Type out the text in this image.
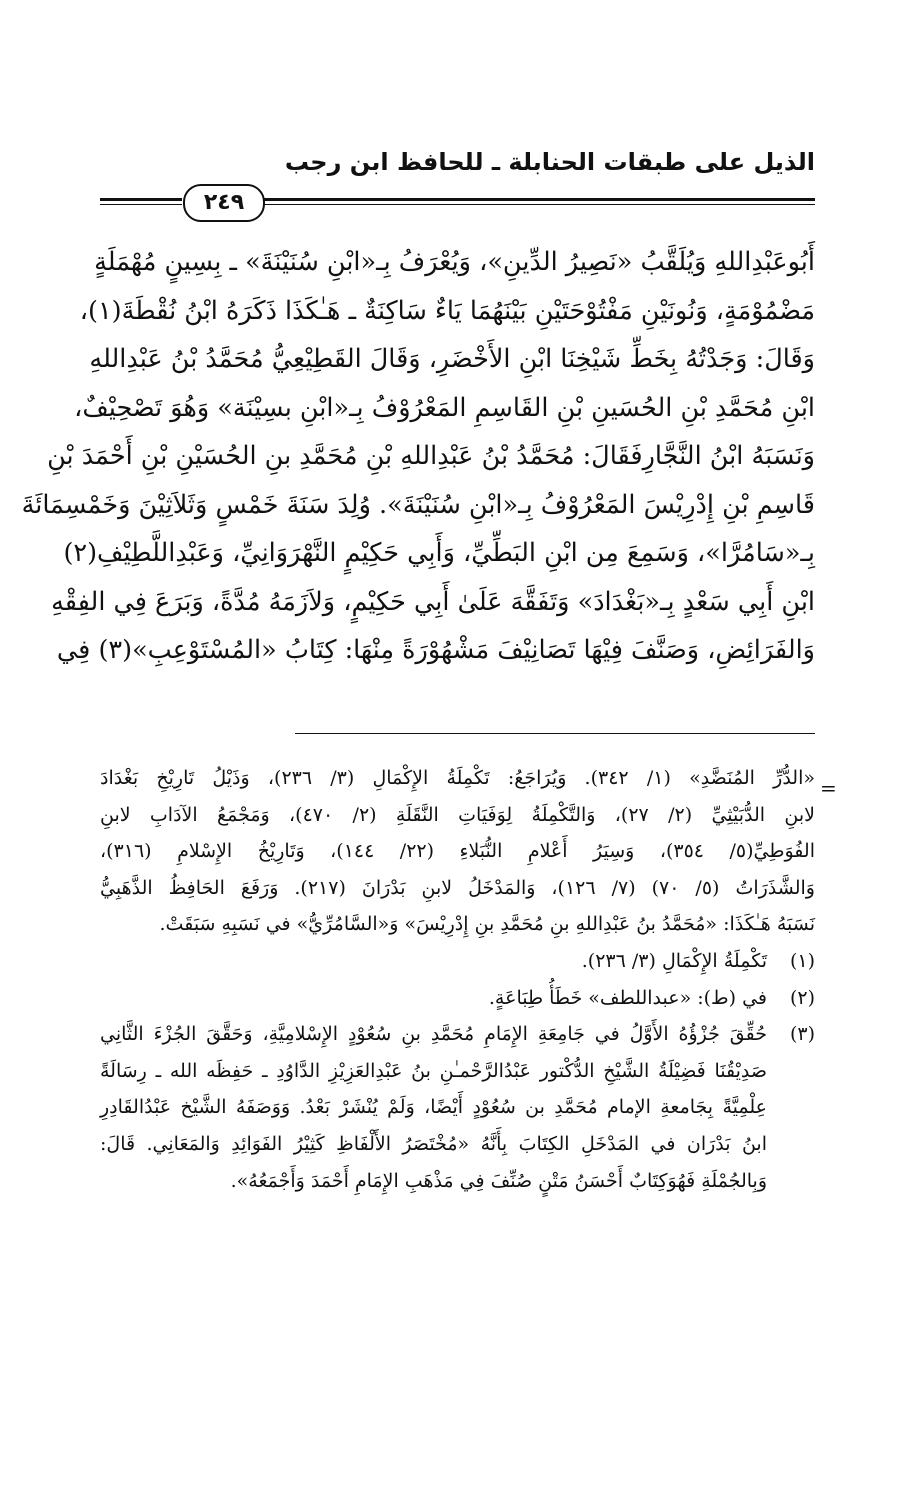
الذيل على طبقات الحنابلة ـ للحافظ ابن رجب
٢٤٩
أَبُوعَبْدِاللهِ وَيُلَقَّبُ «نَصِيرُ الدِّينِ»، وَيُعْرَفُ بِـ«ابْنِ سُنَيْنَةَ» ـ بِسِينٍ مُهْمَلَةٍ
مَضْمُوْمَةٍ، وَنُونَيْنِ مَفْتُوْحَتَيْنِ بَيْنَهُمَا يَاءٌ سَاكِنَةٌ ـ هَـٰكَذَا ذَكَرَهُ ابْنُ نُقْطَةَ(١)،
وَقَالَ: وَجَدْتُهُ بِخَطِّ شَيْخِنَا ابْنِ الأَخْضَرِ، وَقَالَ القَطِيْعِيُّ مُحَمَّدُ بْنُ عَبْدِاللهِ
ابْنِ مُحَمَّدِ بْنِ الحُسَينِ بْنِ القَاسِمِ المَعْرُوْفُ بِـ«ابْنِ بسِيْنَة» وَهُوَ تَصْحِيْفٌ،
وَنَسَبَهُ ابْنُ النَّجَّارِفَقَالَ: مُحَمَّدُ بْنُ عَبْدِاللهِ بْنِ مُحَمَّدِ بنِ الحُسَيْنِ بْنِ أَحْمَدَ بْنِ
قَاسِمِ بْنِ إِدْرِيْسَ المَعْرُوْفُ بِـ«ابْنِ سُنَيْنَةَ». وُلِدَ سَنَةَ خَمْسٍ وَثَلاَثِيْنَ وَخَمْسِمَائَةَ
بِـ«سَامُرَّا»، وَسَمِعَ مِن ابْنِ البَطِّيِّ، وَأَبِي حَكِيْمٍ النَّهْرَوَانِيِّ، وَعَبْدِاللَّطِيْفِ(٢)
ابْنِ أَبِي سَعْدٍ بِـ«بَغْدَادَ» وَتَفَقَّهَ عَلَىٰ أَبِي حَكِيْمٍ، وَلاَزَمَهُ مُدَّةً، وَبَرَعَ فِي الفِقْهِ
وَالفَرَائِضِ، وَصَنَّفَ فِيْهَا تَصَانِيْفَ مَشْهُوْرَةً مِنْهَا: كِتَابُ «المُسْتَوْعِبِ»(٣) فِي
=
«الدُّرِّ المُنَضَّدِ» (١/ ٣٤٢). وَيُرَاجَعُ: تَكْمِلَةُ الإِكْمَالِ (٣/ ٢٣٦)، وَذَيْلُ تَارِيْخِ بَغْدَادَ
لابنِ الدُّبَيْثِيِّ (٢/ ٢٧)، وَالتَّكْمِلَةُ لِوَفَيَاتِ النَّقَلَةِ (٢/ ٤٧٠)، وَمَجْمَعُ الآدَابِ لابنِ
الفُوَطِيِّ(٥/ ٣٥٤)، وَسِيَرُ أَعْلامِ النُّبَلاءِ (٢٢/ ١٤٤)، وَتَارِيْخُ الإِسْلامِ (٣١٦)،
وَالشَّذَرَاتُ (٥/ ٧٠) (٧/ ١٢٦)، وَالمَدْخَلُ لابنِ بَدْرَانَ (٢١٧). وَرَفَعَ الحَافِظُ الذَّهَبِيُّ
نَسَبَهُ هَـٰكَذَا: «مُحَمَّدُ بنُ عَبْدِاللهِ بنِ مُحَمَّدِ بنِ إِدْرِيْسَ» وَ«السَّامُرِّيُّ» في نَسَبِهِ سَبَقَتْ.
(١)
تَكْمِلَةُ الإِكْمَالِ (٣/ ٢٣٦).
(٢)
في (ط): «عبداللطف» خَطَأُ طِبَاعَةٍ.
(٣)
حُقِّقَ جُزْؤُهُ الأَوَّلُ في جَامِعَةِ الإِمَامِ مُحَمَّدِ بنِ سُعُوْدٍ الإِسْلامِيَّةِ، وَحَقَّقَ الجُزْءَ الثَّانِي
صَدِيْقُنَا فَضِيْلَةُ الشَّيْخِ الدُّكْتور عَبْدُالرَّحْمـٰنِ بنُ عَبْدِالعَزِيْزِ الدَّاوُدِ ـ حَفِظَه الله ـ رِسَالَةً
عِلْمِيَّةً بِجَامعةِ الإمام مُحَمَّدِ بن سُعُوْدٍ أَيْضًا، وَلَمْ يُنْشَرْ بَعْدُ. وَوَصَفَهُ الشَّيْخ عَبْدُالقَادِرِ
ابنُ بَدْرَان في المَدْخَلِ الكِتَابَ بِأَنَّهُ «مُخْتَصَرُ الأَلْفَاظِ كَثِيْرُ الفَوَائِدِ وَالمَعَانِي. قَالَ:
وَبِالجُمْلَةِ فَهُوَكِتَابٌ أَحْسَنُ مَتْنٍ صُنِّفَ فِي مَذْهَبِ الإِمَامِ أَحْمَدَ وَأَجْمَعُهُ».
